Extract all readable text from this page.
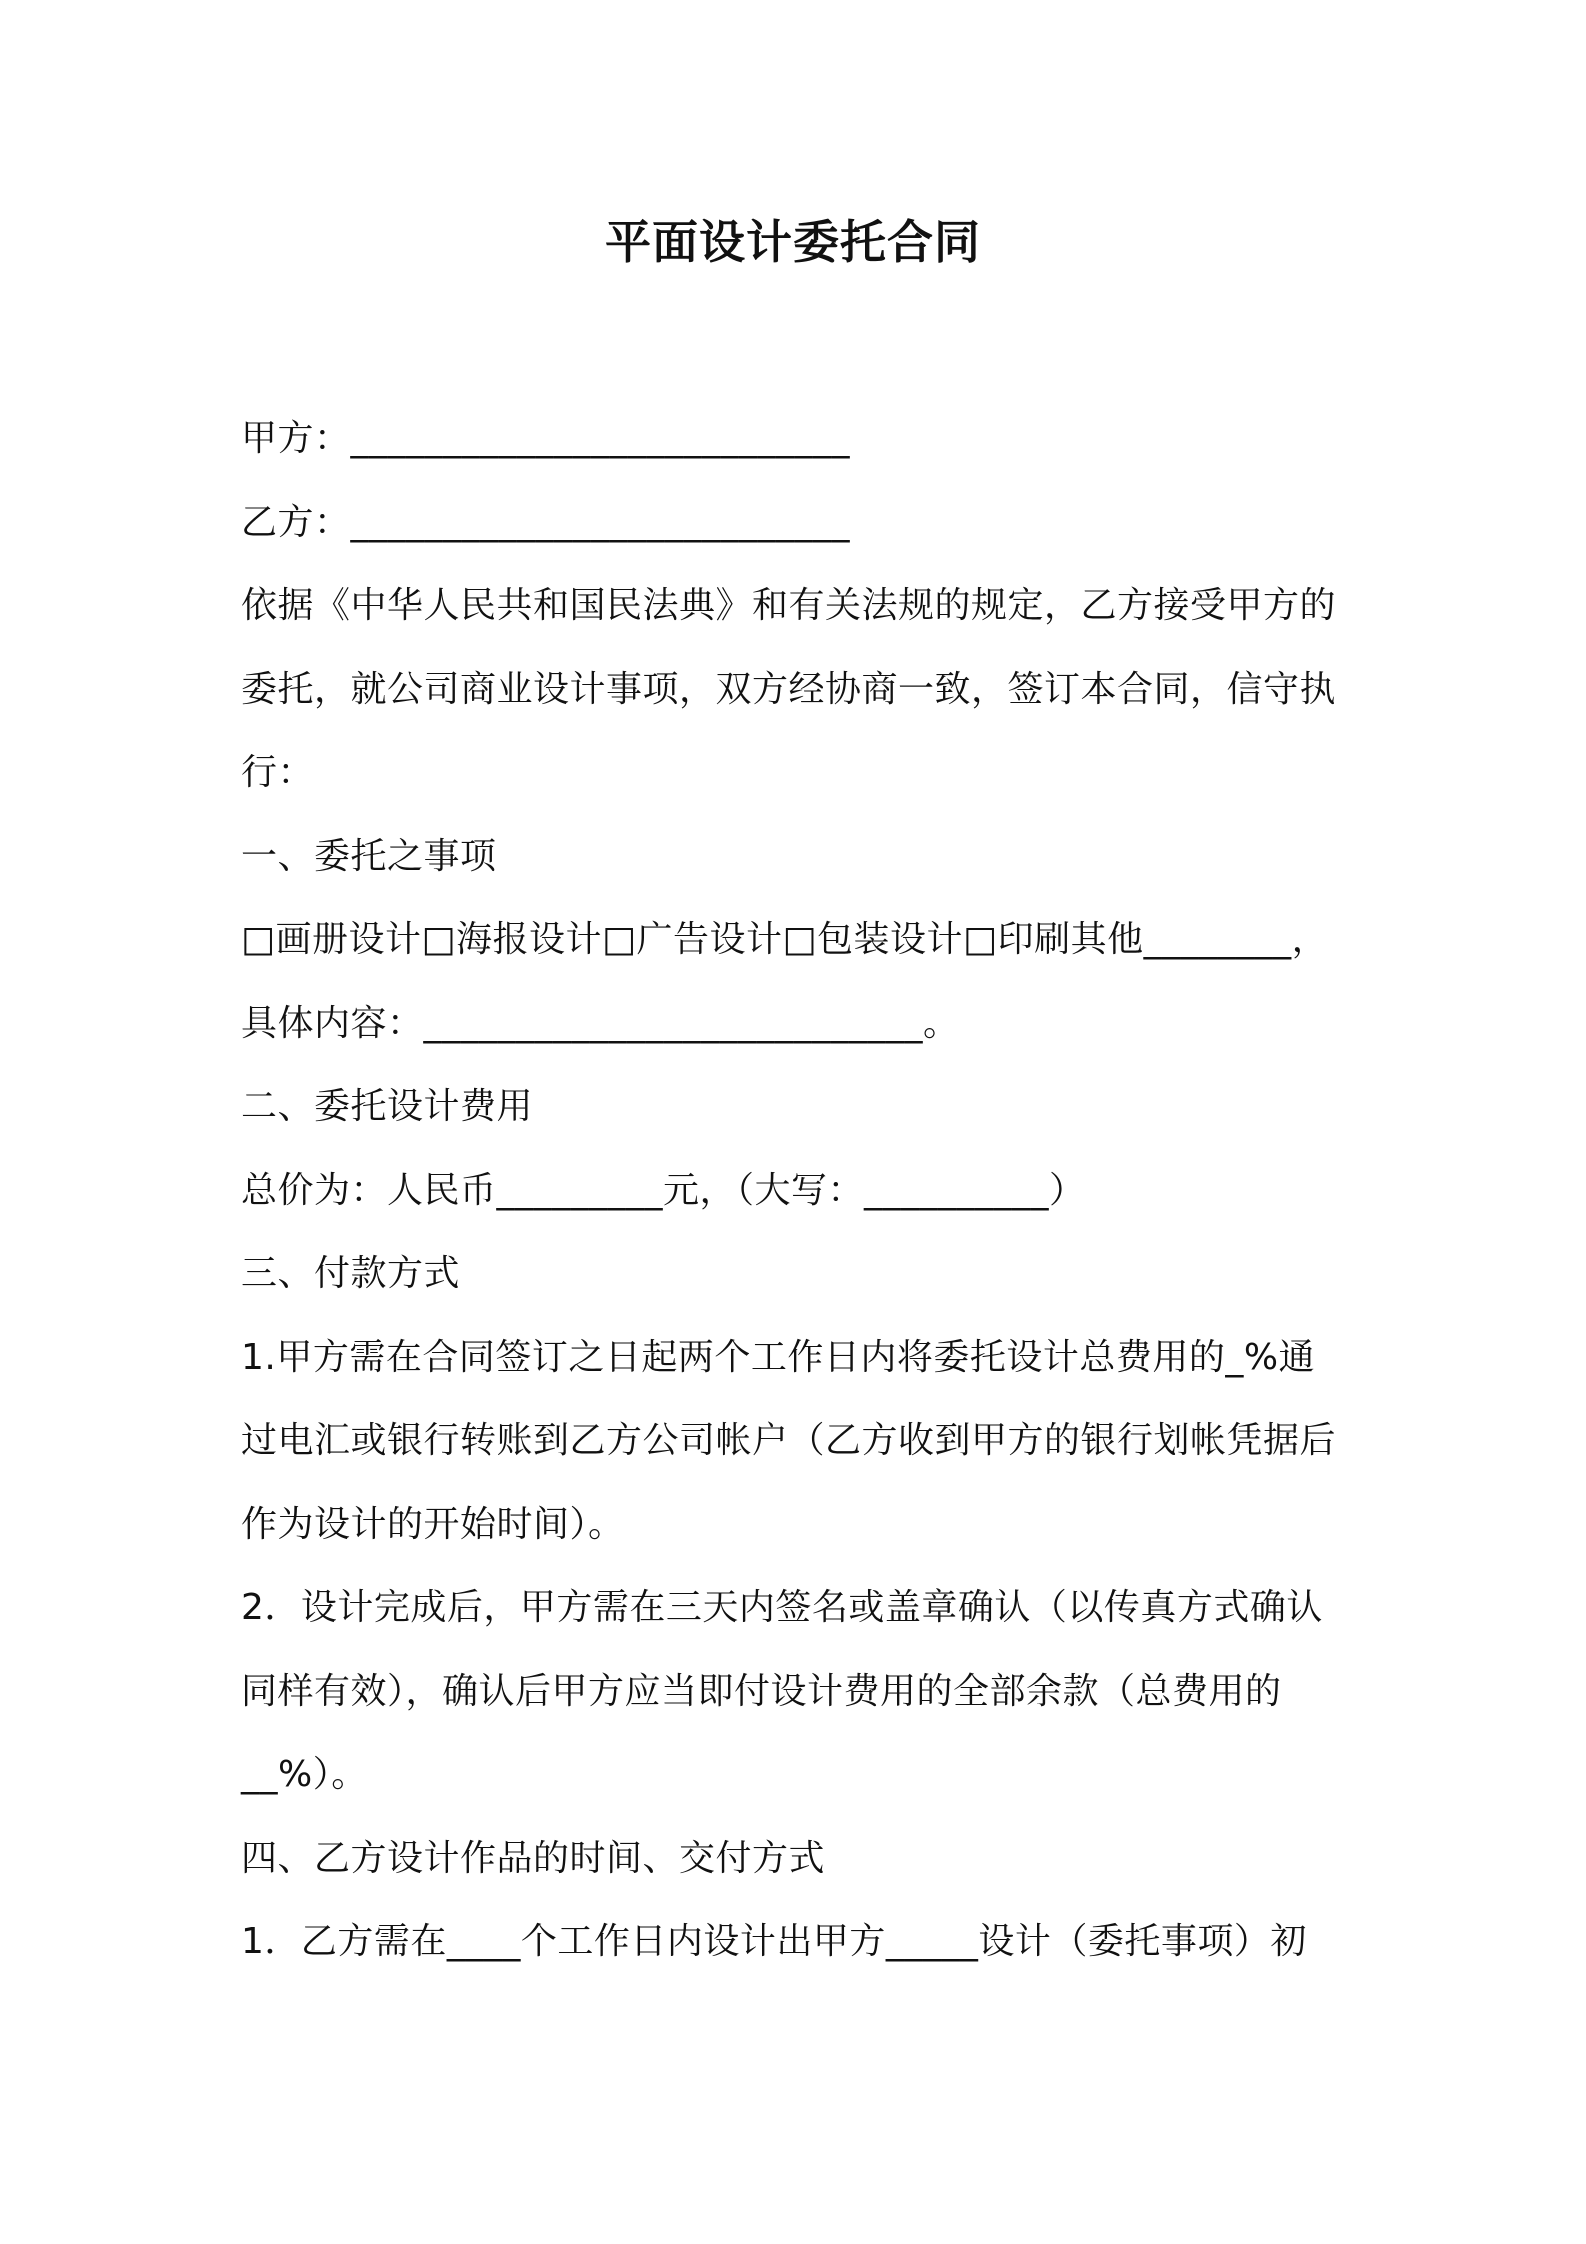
平面设计委托合同
甲方：___________________________
乙方：___________________________
依据《中华人民共和国民法典》和有关法规的规定，乙方接受甲方的
委托，就公司商业设计事项，双方经协商一致，签订本合同，信守执
行：
一、委托之事项
□画册设计□海报设计□广告设计□包装设计□印刷其他________，
具体内容：___________________________。
二、委托设计费用
总价为：人民币_________元，（大写：__________）
三、付款方式
1.甲方需在合同签订之日起两个工作日内将委托设计总费用的_%通
过电汇或银行转账到乙方公司帐户（乙方收到甲方的银行划帐凭据后
作为设计的开始时间）。
2．设计完成后，甲方需在三天内签名或盖章确认（以传真方式确认
同样有效），确认后甲方应当即付设计费用的全部余款（总费用的
__%）。
四、乙方设计作品的时间、交付方式
1．乙方需在____个工作日内设计出甲方_____设计（委托事项）初
